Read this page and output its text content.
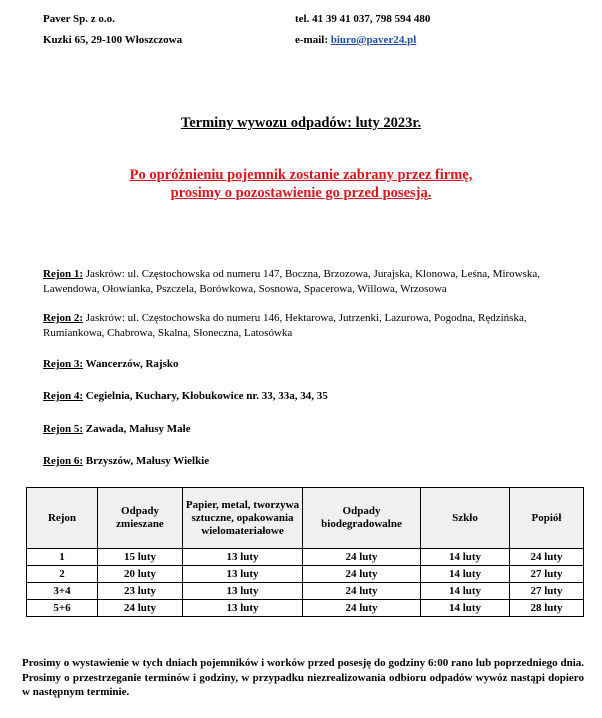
Paver Sp. z o.o.
Kuzki 65, 29-100 Włoszczowa
tel. 41 39 41 037, 798 594 480
e-mail: biuro@paver24.pl
Terminy wywozu odpadów: luty 2023r.
Po opróżnieniu pojemnik zostanie zabrany przez firmę,
prosimy o pozostawienie go przed posesją.
Rejon 1: Jaskrów: ul. Częstochowska od numeru 147, Boczna, Brzozowa, Jurajska, Klonowa, Leśna, Mirowska, Lawendowa, Ołowianka, Pszczela, Borówkowa, Sosnowa, Spacerowa, Willowa, Wrzosowa
Rejon 2: Jaskrów: ul. Częstochowska do numeru 146, Hektarowa, Jutrzenki, Lazurowa, Pogodna, Rędzińska, Rumiankowa, Chabrowa, Skalna, Słoneczna, Latosówka
Rejon 3: Wancerzów, Rajsko
Rejon 4: Cegielnia, Kuchary, Kłobukowice nr. 33, 33a, 34, 35
Rejon 5: Zawada, Małusy Małe
Rejon 6: Brzyszów, Małusy Wielkie
Rejon	Odpady zmieszane	Papier, metal, tworzywa sztuczne, opakowania wielomateriałowe	Odpady biodegradowalne	Szkło	Popiół
1	15 luty	13 luty	24 luty	14 luty	24 luty
2	20 luty	13 luty	24 luty	14 luty	27 luty
3+4	23 luty	13 luty	24 luty	14 luty	27 luty
5+6	24 luty	13 luty	24 luty	14 luty	28 luty
Prosimy o wystawienie w tych dniach pojemników i worków przed posesję do godziny 6:00 rano lub poprzedniego dnia. Prosimy o przestrzeganie terminów i godziny, w przypadku niezrealizowania odbioru odpadów wywóz nastąpi dopiero w następnym terminie.
